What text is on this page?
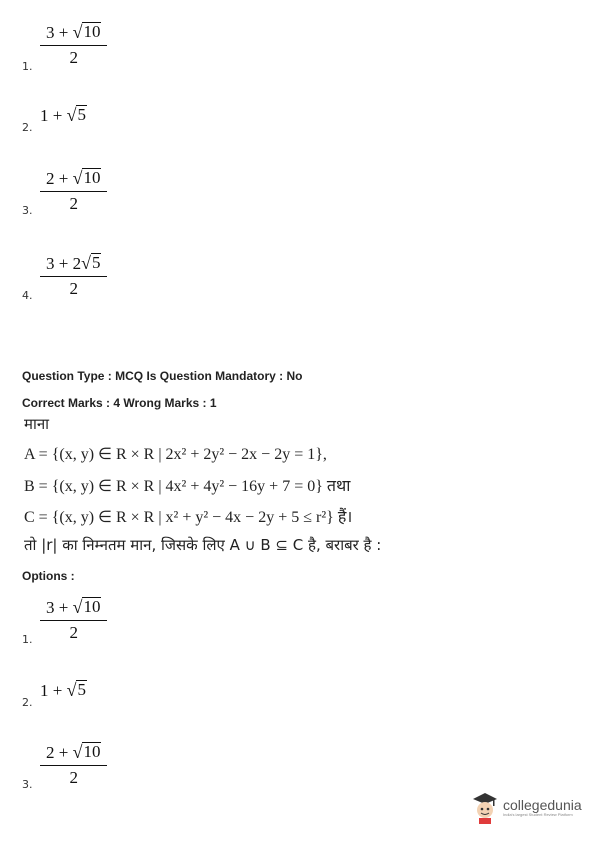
$\frac{3 + √ 10}{2}$
1.
2.
1 + √ 5
$\frac{2 + √ 10}{2}$
3.
$\frac{3 + 2 √ 5}{2}$
4.
Question Type : MCQ Is Question Mandatory : No
Correct Marks : 4 Wrong Marks : 1
माना
A = {(x, y) ∈ R × R | 2x² + 2y² − 2x − 2y = 1},
B = {(x, y) ∈ R × R | 4x² + 4y² − 16y + 7 = 0} तथा
C = {(x, y) ∈ R × R | x² + y² − 4x − 2y + 5 ≤ r²} हैं।
तो |r| का निम्नतम मान, जिसके लिए A ∪ B ⊆ C है, बराबर है :
Options :
$\frac{3 + √ 10}{2}$
1.
2.
1 + √ 5
$\frac{2 + √ 10}{2}$
3.
collegedunia
India's largest Student Review Platform
